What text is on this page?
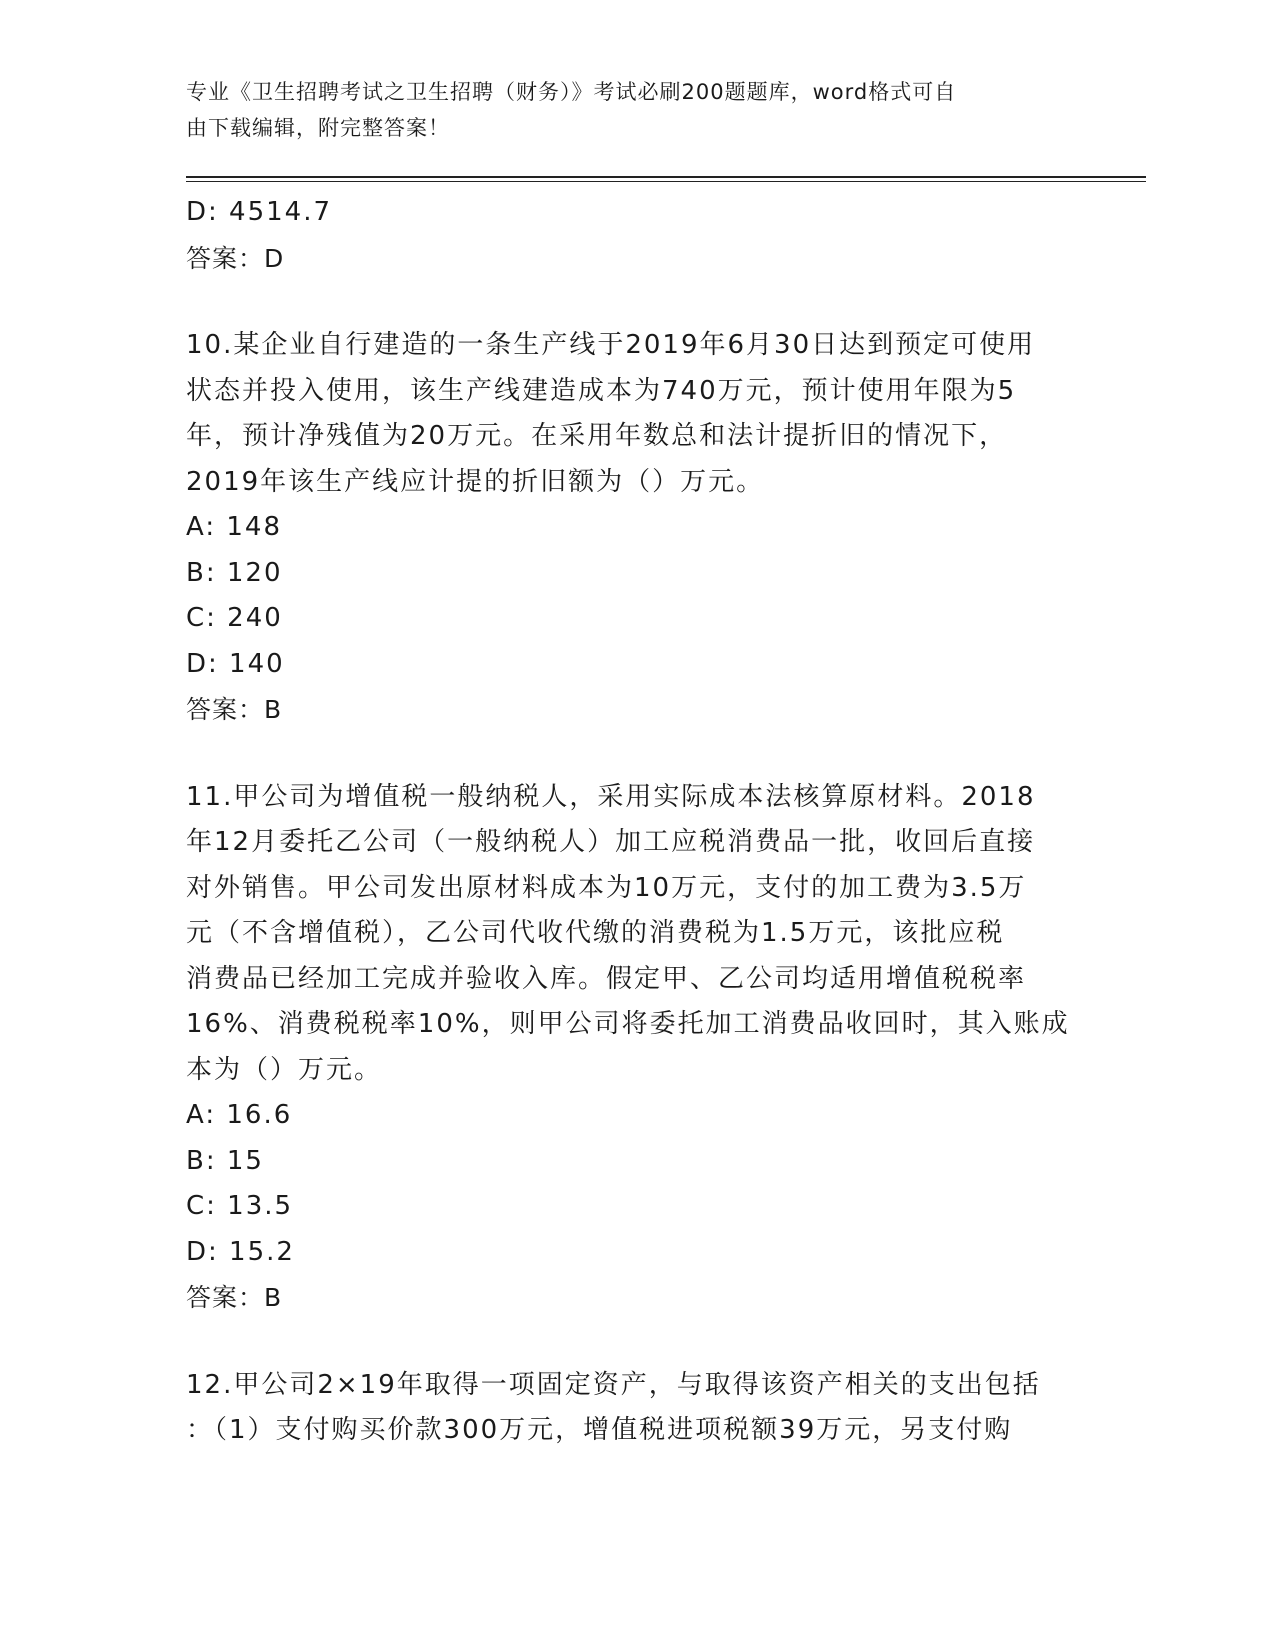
专业《卫生招聘考试之卫生招聘（财务）》考试必刷200题题库，word格式可自
由下载编辑，附完整答案！
D: 4514.7
答案：D
10.某企业自行建造的一条生产线于2019年6月30日达到预定可使用
状态并投入使用，该生产线建造成本为740万元，预计使用年限为5
年，预计净残值为20万元。在采用年数总和法计提折旧的情况下，
2019年该生产线应计提的折旧额为（）万元。
A: 148
B: 120
C: 240
D: 140
答案：B
11.甲公司为增值税一般纳税人，采用实际成本法核算原材料。2018
年12月委托乙公司（一般纳税人）加工应税消费品一批，收回后直接
对外销售。甲公司发出原材料成本为10万元，支付的加工费为3.5万
元（不含增值税），乙公司代收代缴的消费税为1.5万元，该批应税
消费品已经加工完成并验收入库。假定甲、乙公司均适用增值税税率
16%、消费税税率10%，则甲公司将委托加工消费品收回时，其入账成
本为（）万元。
A: 16.6
B: 15
C: 13.5
D: 15.2
答案：B
12.甲公司2×19年取得一项固定资产，与取得该资产相关的支出包括
：（1）支付购买价款300万元，增值税进项税额39万元，另支付购
